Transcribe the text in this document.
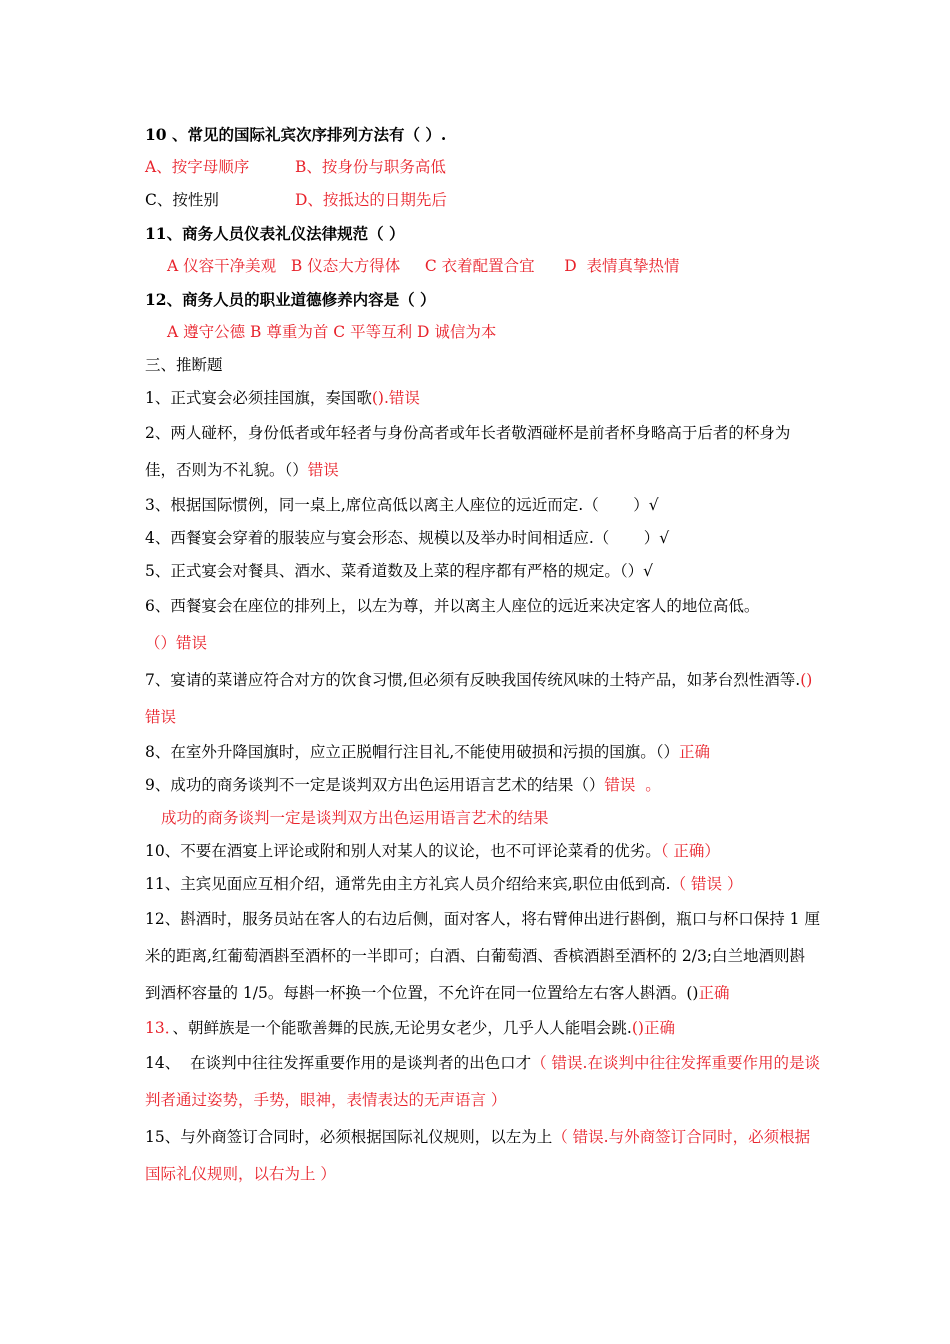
10 、常见的国际礼宾次序排列方法有（ ）.
A、按字母顺序	B、按身份与职务高低
C、按性别	D、按抵达的日期先后
11、商务人员仪表礼仪法律规范（ ）
A 仪容干净美观   B 仪态大方得体     C 衣着配置合宜      D  表情真挚热情
12、商务人员的职业道德修养内容是（ ）
A 遵守公德 B 尊重为首 C 平等互利 D 诚信为本
三、推断题
1、正式宴会必须挂国旗，奏国歌().错误
2、两人碰杯，身份低者或年轻者与身份高者或年长者敬酒碰杯是前者杯身略高于后者的杯身为佳，否则为不礼貌。（）错误
3、根据国际惯例，同一桌上,席位高低以离主人座位的远近而定.（       ）√
4、西餐宴会穿着的服装应与宴会形态、规模以及举办时间相适应.（       ）√
5、正式宴会对餐具、酒水、菜肴道数及上菜的程序都有严格的规定。（）√
6、西餐宴会在座位的排列上，以左为尊，并以离主人座位的远近来决定客人的地位高低。
（）错误
7、宴请的菜谱应符合对方的饮食习惯,但必须有反映我国传统风味的土特产品，如茅台烈性酒等.()错误
8、在室外升降国旗时，应立正脱帽行注目礼,不能使用破损和污损的国旗。（）正确
9、成功的商务谈判不一定是谈判双方出色运用语言艺术的结果（）错误  。
成功的商务谈判一定是谈判双方出色运用语言艺术的结果
10、不要在酒宴上评论或附和别人对某人的议论，也不可评论菜肴的优劣。（ 正确）
11、主宾见面应互相介绍，通常先由主方礼宾人员介绍给来宾,职位由低到高.（ 错误 ）
12、斟酒时，服务员站在客人的右边后侧，面对客人，将右臂伸出进行斟倒，瓶口与杯口保持 1 厘米的距离,红葡萄酒斟至酒杯的一半即可；白酒、白葡萄酒、香槟酒斟至酒杯的 2/3;白兰地酒则斟到酒杯容量的 1/5。每斟一杯换一个位置，不允许在同一位置给左右客人斟酒。()正确
13．、朝鲜族是一个能歌善舞的民族,无论男女老少，几乎人人能唱会跳.()正确
14、  在谈判中往往发挥重要作用的是谈判者的出色口才（ 错误.在谈判中往往发挥重要作用的是谈判者通过姿势，手势，眼神，表情表达的无声语言 ）
15、与外商签订合同时，必须根据国际礼仪规则，以左为上（ 错误.与外商签订合同时，必须根据国际礼仪规则，以右为上 ）
